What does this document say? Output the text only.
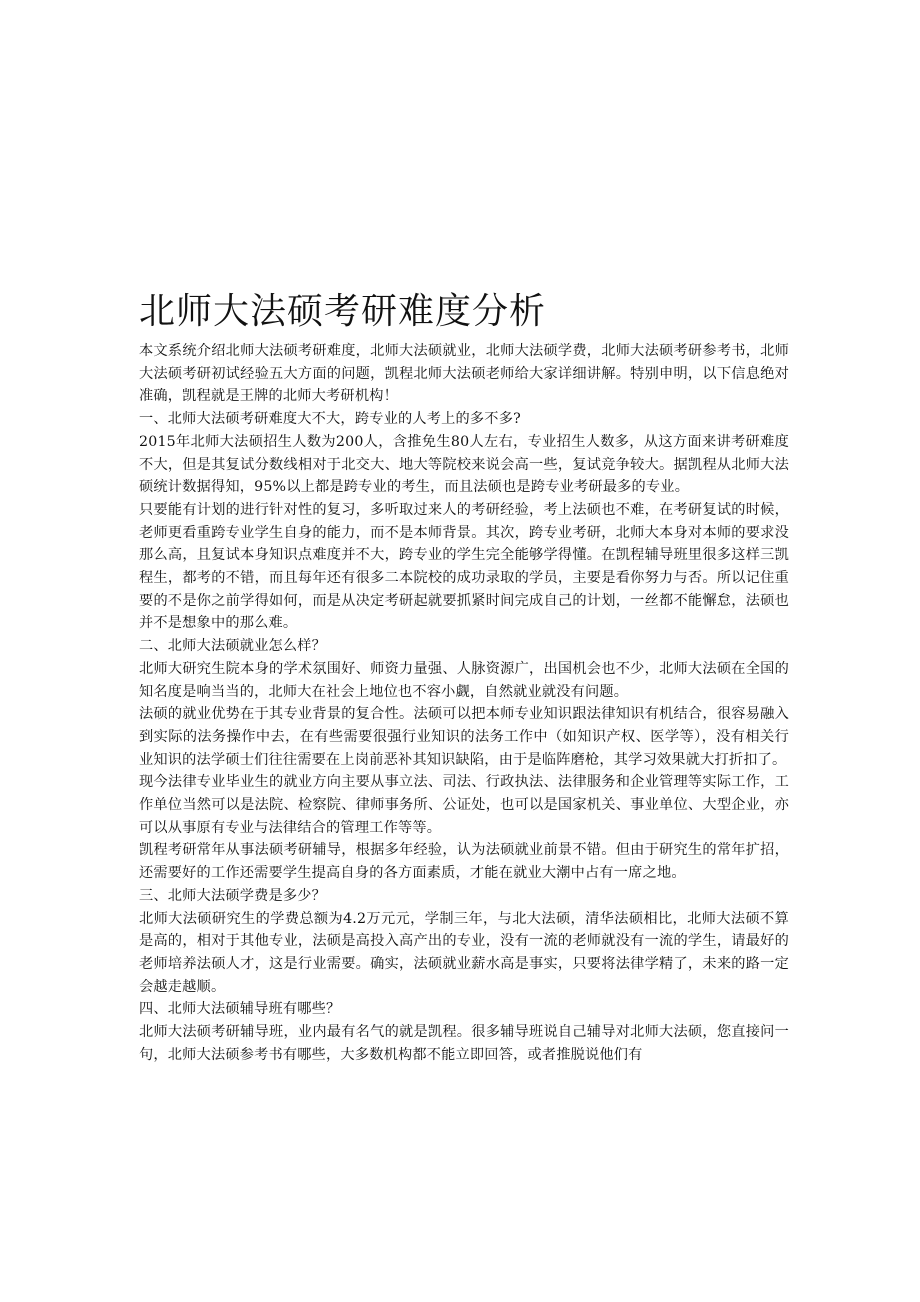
北师大法硕考研难度分析

本文系统介绍北师大法硕考研难度，北师大法硕就业，北师大法硕学费，北师大法硕考研参考书，北师大法硕考研初试经验五大方面的问题，凯程北师大法硕老师给大家详细讲解。特别申明，以下信息绝对准确，凯程就是王牌的北师大考研机构！

一、北师大法硕考研难度大不大，跨专业的人考上的多不多?

2015年北师大法硕招生人数为200人，含推免生80人左右，专业招生人数多，从这方面来讲考研难度不大，但是其复试分数线相对于北交大、地大等院校来说会高一些，复试竞争较大。据凯程从北师大法硕统计数据得知，95%以上都是跨专业的考生，而且法硕也是跨专业考研最多的专业。

只要能有计划的进行针对性的复习，多听取过来人的考研经验，考上法硕也不难，在考研复试的时候，老师更看重跨专业学生自身的能力，而不是本师背景。其次，跨专业考研，北师大本身对本师的要求没那么高，且复试本身知识点难度并不大，跨专业的学生完全能够学得懂。在凯程辅导班里很多这样三凯程生，都考的不错，而且每年还有很多二本院校的成功录取的学员，主要是看你努力与否。所以记住重要的不是你之前学得如何，而是从决定考研起就要抓紧时间完成自己的计划，一丝都不能懈怠，法硕也并不是想象中的那么难。

二、北师大法硕就业怎么样？

北师大研究生院本身的学术氛围好、师资力量强、人脉资源广，出国机会也不少，北师大法硕在全国的知名度是响当当的，北师大在社会上地位也不容小觑，自然就业就没有问题。

法硕的就业优势在于其专业背景的复合性。法硕可以把本师专业知识跟法律知识有机结合，很容易融入到实际的法务操作中去，在有些需要很强行业知识的法务工作中（如知识产权、医学等），没有相关行业知识的法学硕士们往往需要在上岗前恶补其知识缺陷，由于是临阵磨枪，其学习效果就大打折扣了。

现今法律专业毕业生的就业方向主要从事立法、司法、行政执法、法律服务和企业管理等实际工作，工作单位当然可以是法院、检察院、律师事务所、公证处，也可以是国家机关、事业单位、大型企业，亦可以从事原有专业与法律结合的管理工作等等。

凯程考研常年从事法硕考研辅导，根据多年经验，认为法硕就业前景不错。但由于研究生的常年扩招，还需要好的工作还需要学生提高自身的各方面素质，才能在就业大潮中占有一席之地。

三、北师大法硕学费是多少？

北师大法硕研究生的学费总额为4.2万元元，学制三年，与北大法硕，清华法硕相比，北师大法硕不算是高的，相对于其他专业，法硕是高投入高产出的专业，没有一流的老师就没有一流的学生，请最好的老师培养法硕人才，这是行业需要。确实，法硕就业薪水高是事实，只要将法律学精了，未来的路一定会越走越顺。

四、北师大法硕辅导班有哪些？

北师大法硕考研辅导班，业内最有名气的就是凯程。很多辅导班说自己辅导对北师大法硕，您直接问一句，北师大法硕参考书有哪些，大多数机构都不能立即回答，或者推脱说他们有
